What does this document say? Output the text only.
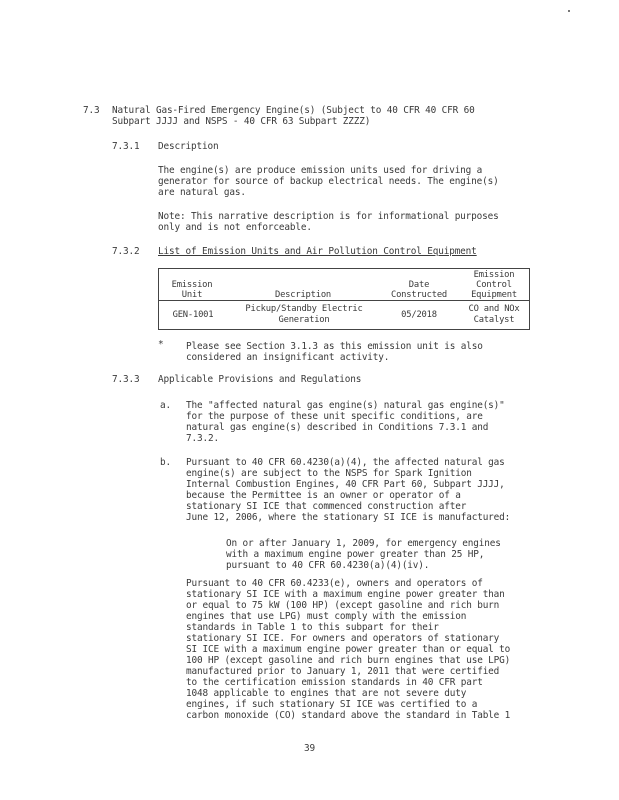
7.3 Natural Gas-Fired Emergency Engine(s) (Subject to 40 CFR 40 CFR 60
Subpart JJJJ and NSPS - 40 CFR 63 Subpart ZZZZ)
7.3.1 Description
The engine(s) are produce emission units used for driving a
generator for source of backup electrical needs. The engine(s)
are natural gas.
Note: This narrative description is for informational purposes
only and is not enforceable.
7.3.2 List of Emission Units and Air Pollution Control Equipment
Emission
Unit	Description
Date
Constructed
Emission
Control
Equipment
GEN-1001
Pickup/Standby Electric
Generation	05/2018
CO and NOx
Catalyst
* Please see Section 3.1.3 as this emission unit is also
considered an insignificant activity.
7.3.3 Applicable Provisions and Regulations
a. The "affected natural gas engine(s) natural gas engine(s)"
for the purpose of these unit specific conditions, are
natural gas engine(s) described in Conditions 7.3.1 and
7.3.2.
b. Pursuant to 40 CFR 60.4230(a)(4), the affected natural gas
engine(s) are subject to the NSPS for Spark Ignition
Internal Combustion Engines, 40 CFR Part 60, Subpart JJJJ,
because the Permittee is an owner or operator of a
stationary SI ICE that commenced construction after
June 12, 2006, where the stationary SI ICE is manufactured:
On or after January 1, 2009, for emergency engines
with a maximum engine power greater than 25 HP,
pursuant to 40 CFR 60.4230(a)(4)(iv).
Pursuant to 40 CFR 60.4233(e), owners and operators of
stationary SI ICE with a maximum engine power greater than
or equal to 75 kW (100 HP) (except gasoline and rich burn
engines that use LPG) must comply with the emission
standards in Table 1 to this subpart for their
stationary SI ICE. For owners and operators of stationary
SI ICE with a maximum engine power greater than or equal to
100 HP (except gasoline and rich burn engines that use LPG)
manufactured prior to January 1, 2011 that were certified
to the certification emission standards in 40 CFR part
1048 applicable to engines that are not severe duty
engines, if such stationary SI ICE was certified to a
carbon monoxide (CO) standard above the standard in Table 1
39
